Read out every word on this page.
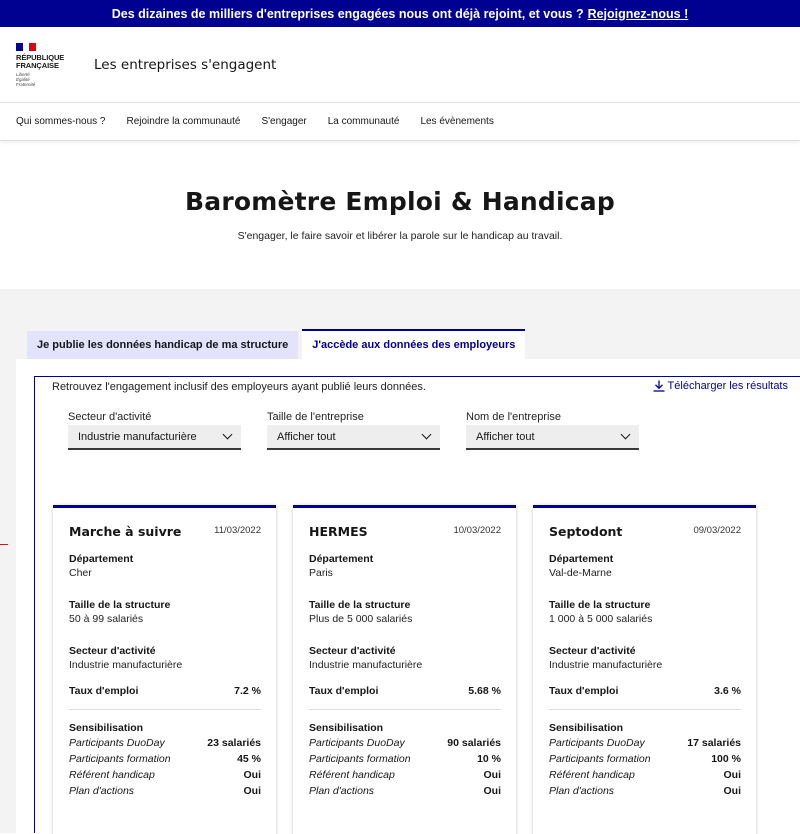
Des dizaines de milliers d'entreprises engagées nous ont déjà rejoint, et vous ? Rejoignez-nous !
RÉPUBLIQUE
FRANÇAISE
Liberté
Égalité
Fraternité
Les entreprises s'engagent
Qui sommes-nous ? Rejoindre la communauté S'engager La communauté Les évènements
Baromètre Emploi & Handicap

S'engager, le faire savoir et libérer la parole sur le handicap au travail.

Je publie les données handicap de ma structure	J'accède aux données des employeurs
Retrouvez l'engagement inclusif des employeurs ayant publié leurs données.	Télécharger les résultats
Secteur d'activité
Industrie manufacturière
Taille de l'entreprise
Afficher tout
Nom de l'entreprise
Afficher tout
Marche à suivre	11/03/2022
Département
Cher
Taille de la structure
50 à 99 salariés
Secteur d'activité
Industrie manufacturière
Taux d'emploi	7.2 %
Sensibilisation
Participants DuoDay	23 salariés
Participants formation	45 %
Référent handicap	Oui
Plan d'actions	Oui
HERMES	10/03/2022
Département
Paris
Taille de la structure
Plus de 5 000 salariés
Secteur d'activité
Industrie manufacturière
Taux d'emploi	5.68 %
Sensibilisation
Participants DuoDay	90 salariés
Participants formation	10 %
Référent handicap	Oui
Plan d'actions	Oui
Septodont	09/03/2022
Département
Val-de-Marne
Taille de la structure
1 000 à 5 000 salariés
Secteur d'activité
Industrie manufacturière
Taux d'emploi	3.6 %
Sensibilisation
Participants DuoDay	17 salariés
Participants formation	100 %
Référent handicap	Oui
Plan d'actions	Oui
